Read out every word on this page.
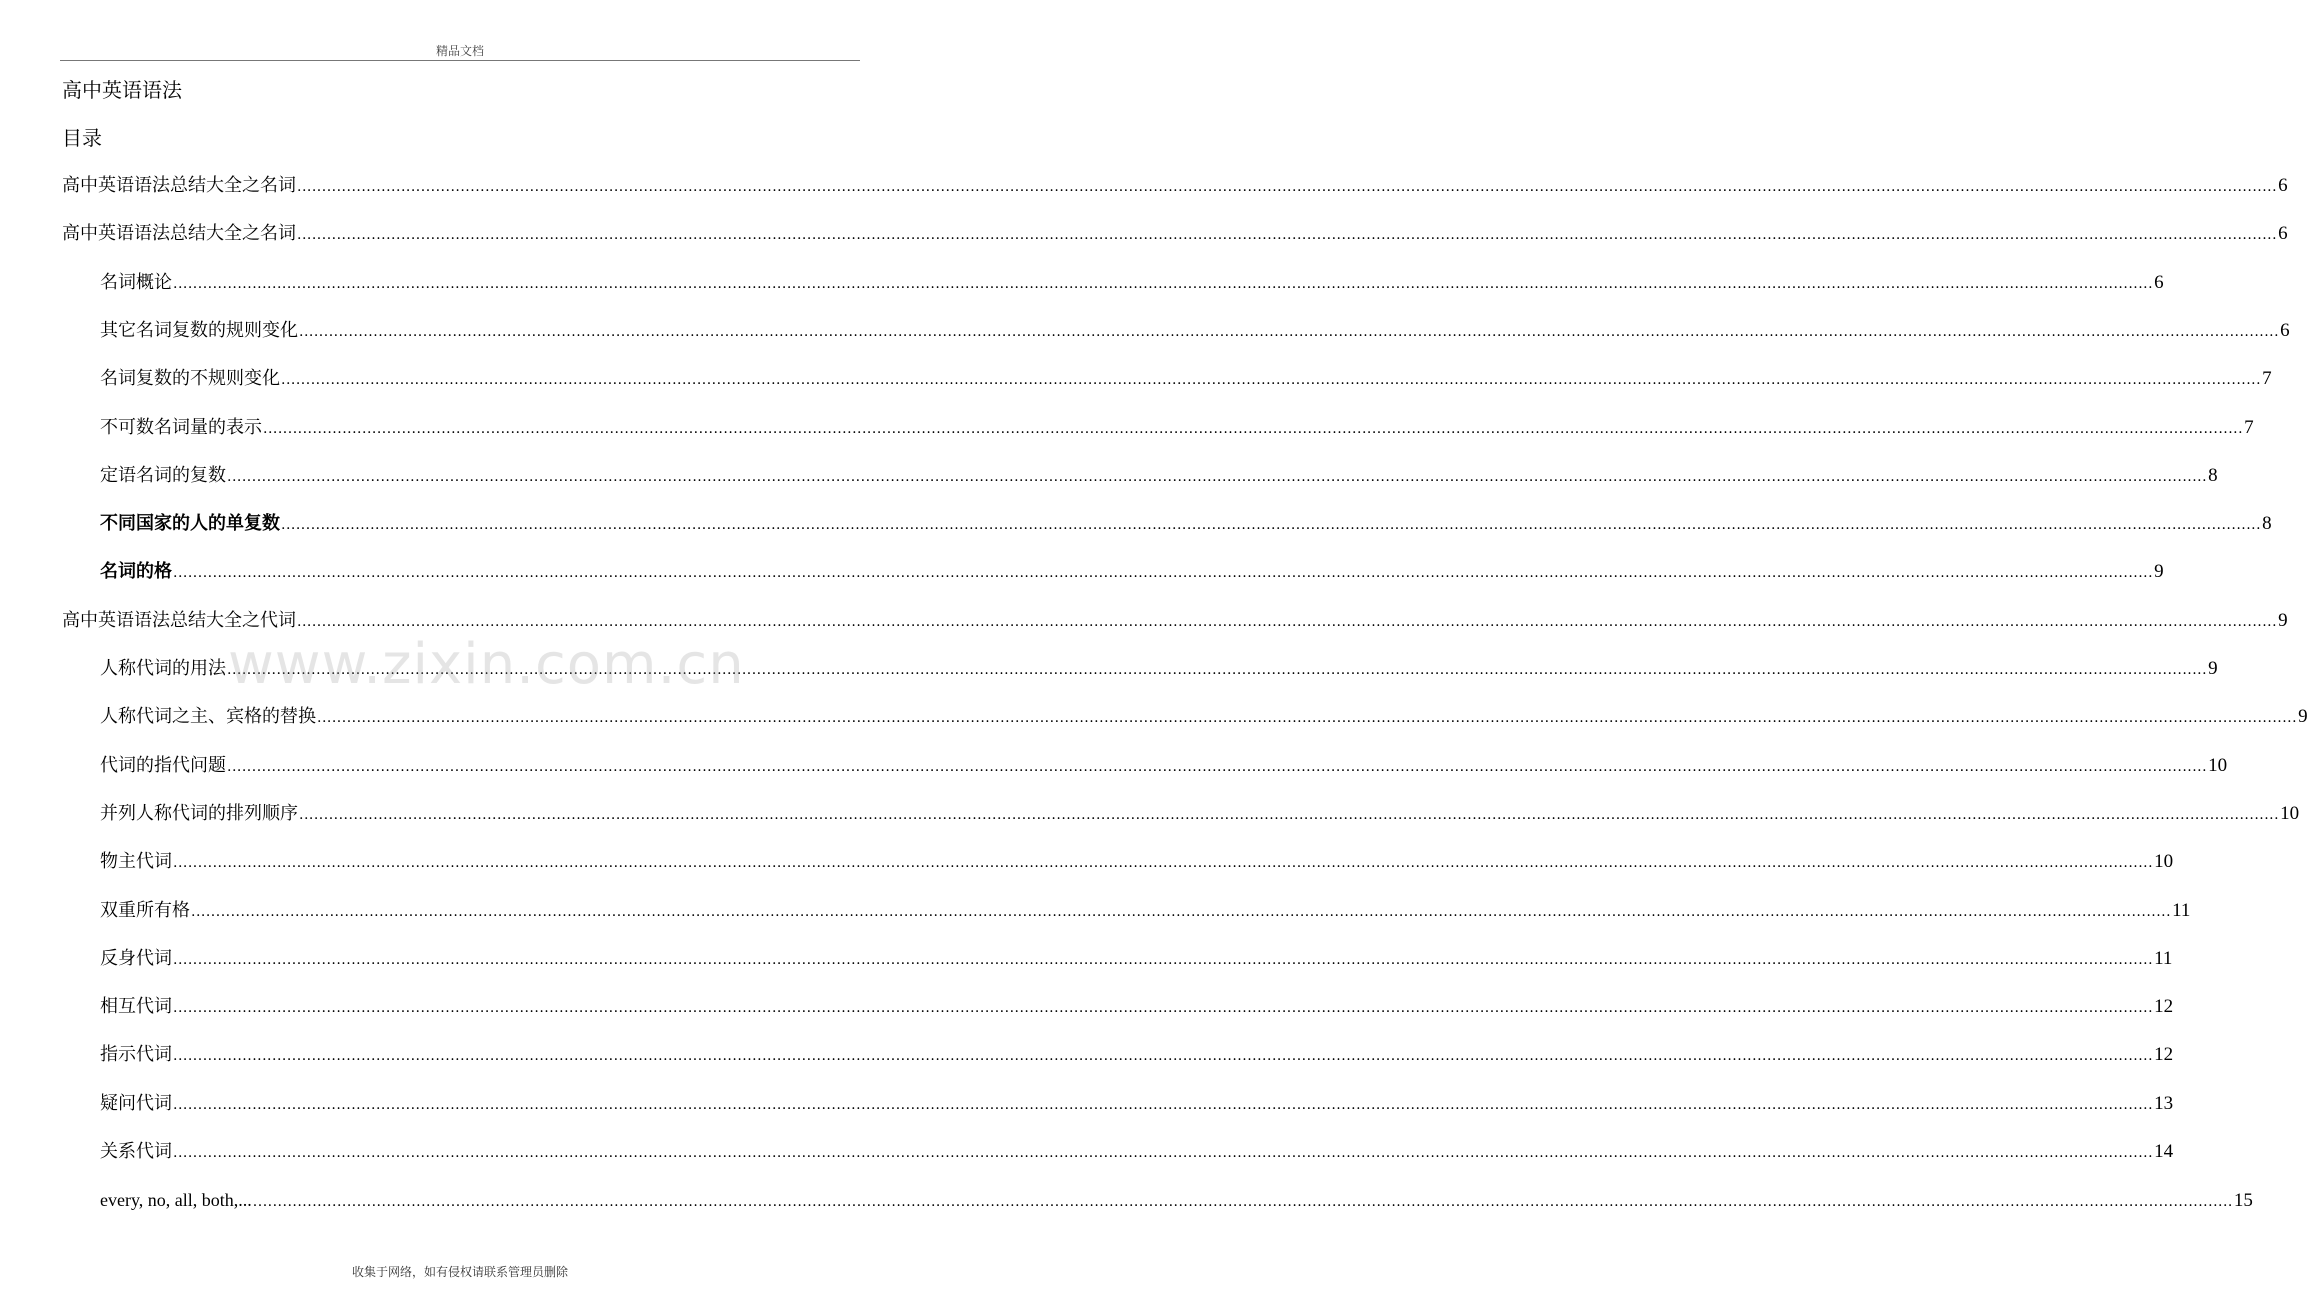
精品文档
高中英语语法
目录
高中英语语法总结大全之名词 ................................................................................................................................................................................................................................................................................................................................................................................................................ 6
高中英语语法总结大全之名词 ................................................................................................................................................................................................................................................................................................................................................................................................................ 6
名词概论 ................................................................................................................................................................................................................................................................................................................................................................................................................ 6
其它名词复数的规则变化 ................................................................................................................................................................................................................................................................................................................................................................................................................ 6
名词复数的不规则变化 ................................................................................................................................................................................................................................................................................................................................................................................................................ 7
不可数名词量的表示 ................................................................................................................................................................................................................................................................................................................................................................................................................ 7
定语名词的复数 ................................................................................................................................................................................................................................................................................................................................................................................................................ 8
不同国家的人的单复数 ................................................................................................................................................................................................................................................................................................................................................................................................................ 8
名词的格 ................................................................................................................................................................................................................................................................................................................................................................................................................ 9
高中英语语法总结大全之代词 ................................................................................................................................................................................................................................................................................................................................................................................................................ 9
人称代词的用法 ................................................................................................................................................................................................................................................................................................................................................................................................................ 9
人称代词之主、宾格的替换 ................................................................................................................................................................................................................................................................................................................................................................................................................ 9
代词的指代问题 ................................................................................................................................................................................................................................................................................................................................................................................................................ 10
并列人称代词的排列顺序 ................................................................................................................................................................................................................................................................................................................................................................................................................ 10
物主代词 ................................................................................................................................................................................................................................................................................................................................................................................................................ 10
双重所有格 ................................................................................................................................................................................................................................................................................................................................................................................................................ 11
反身代词 ................................................................................................................................................................................................................................................................................................................................................................................................................ 11
相互代词 ................................................................................................................................................................................................................................................................................................................................................................................................................ 12
指示代词 ................................................................................................................................................................................................................................................................................................................................................................................................................ 12
疑问代词 ................................................................................................................................................................................................................................................................................................................................................................................................................ 13
关系代词 ................................................................................................................................................................................................................................................................................................................................................................................................................ 14
every, no, all, both,... ................................................................................................................................................................................................................................................................................................................................................................................................................ 15
www.zixin.com.cn
收集于网络，如有侵权请联系管理员删除
